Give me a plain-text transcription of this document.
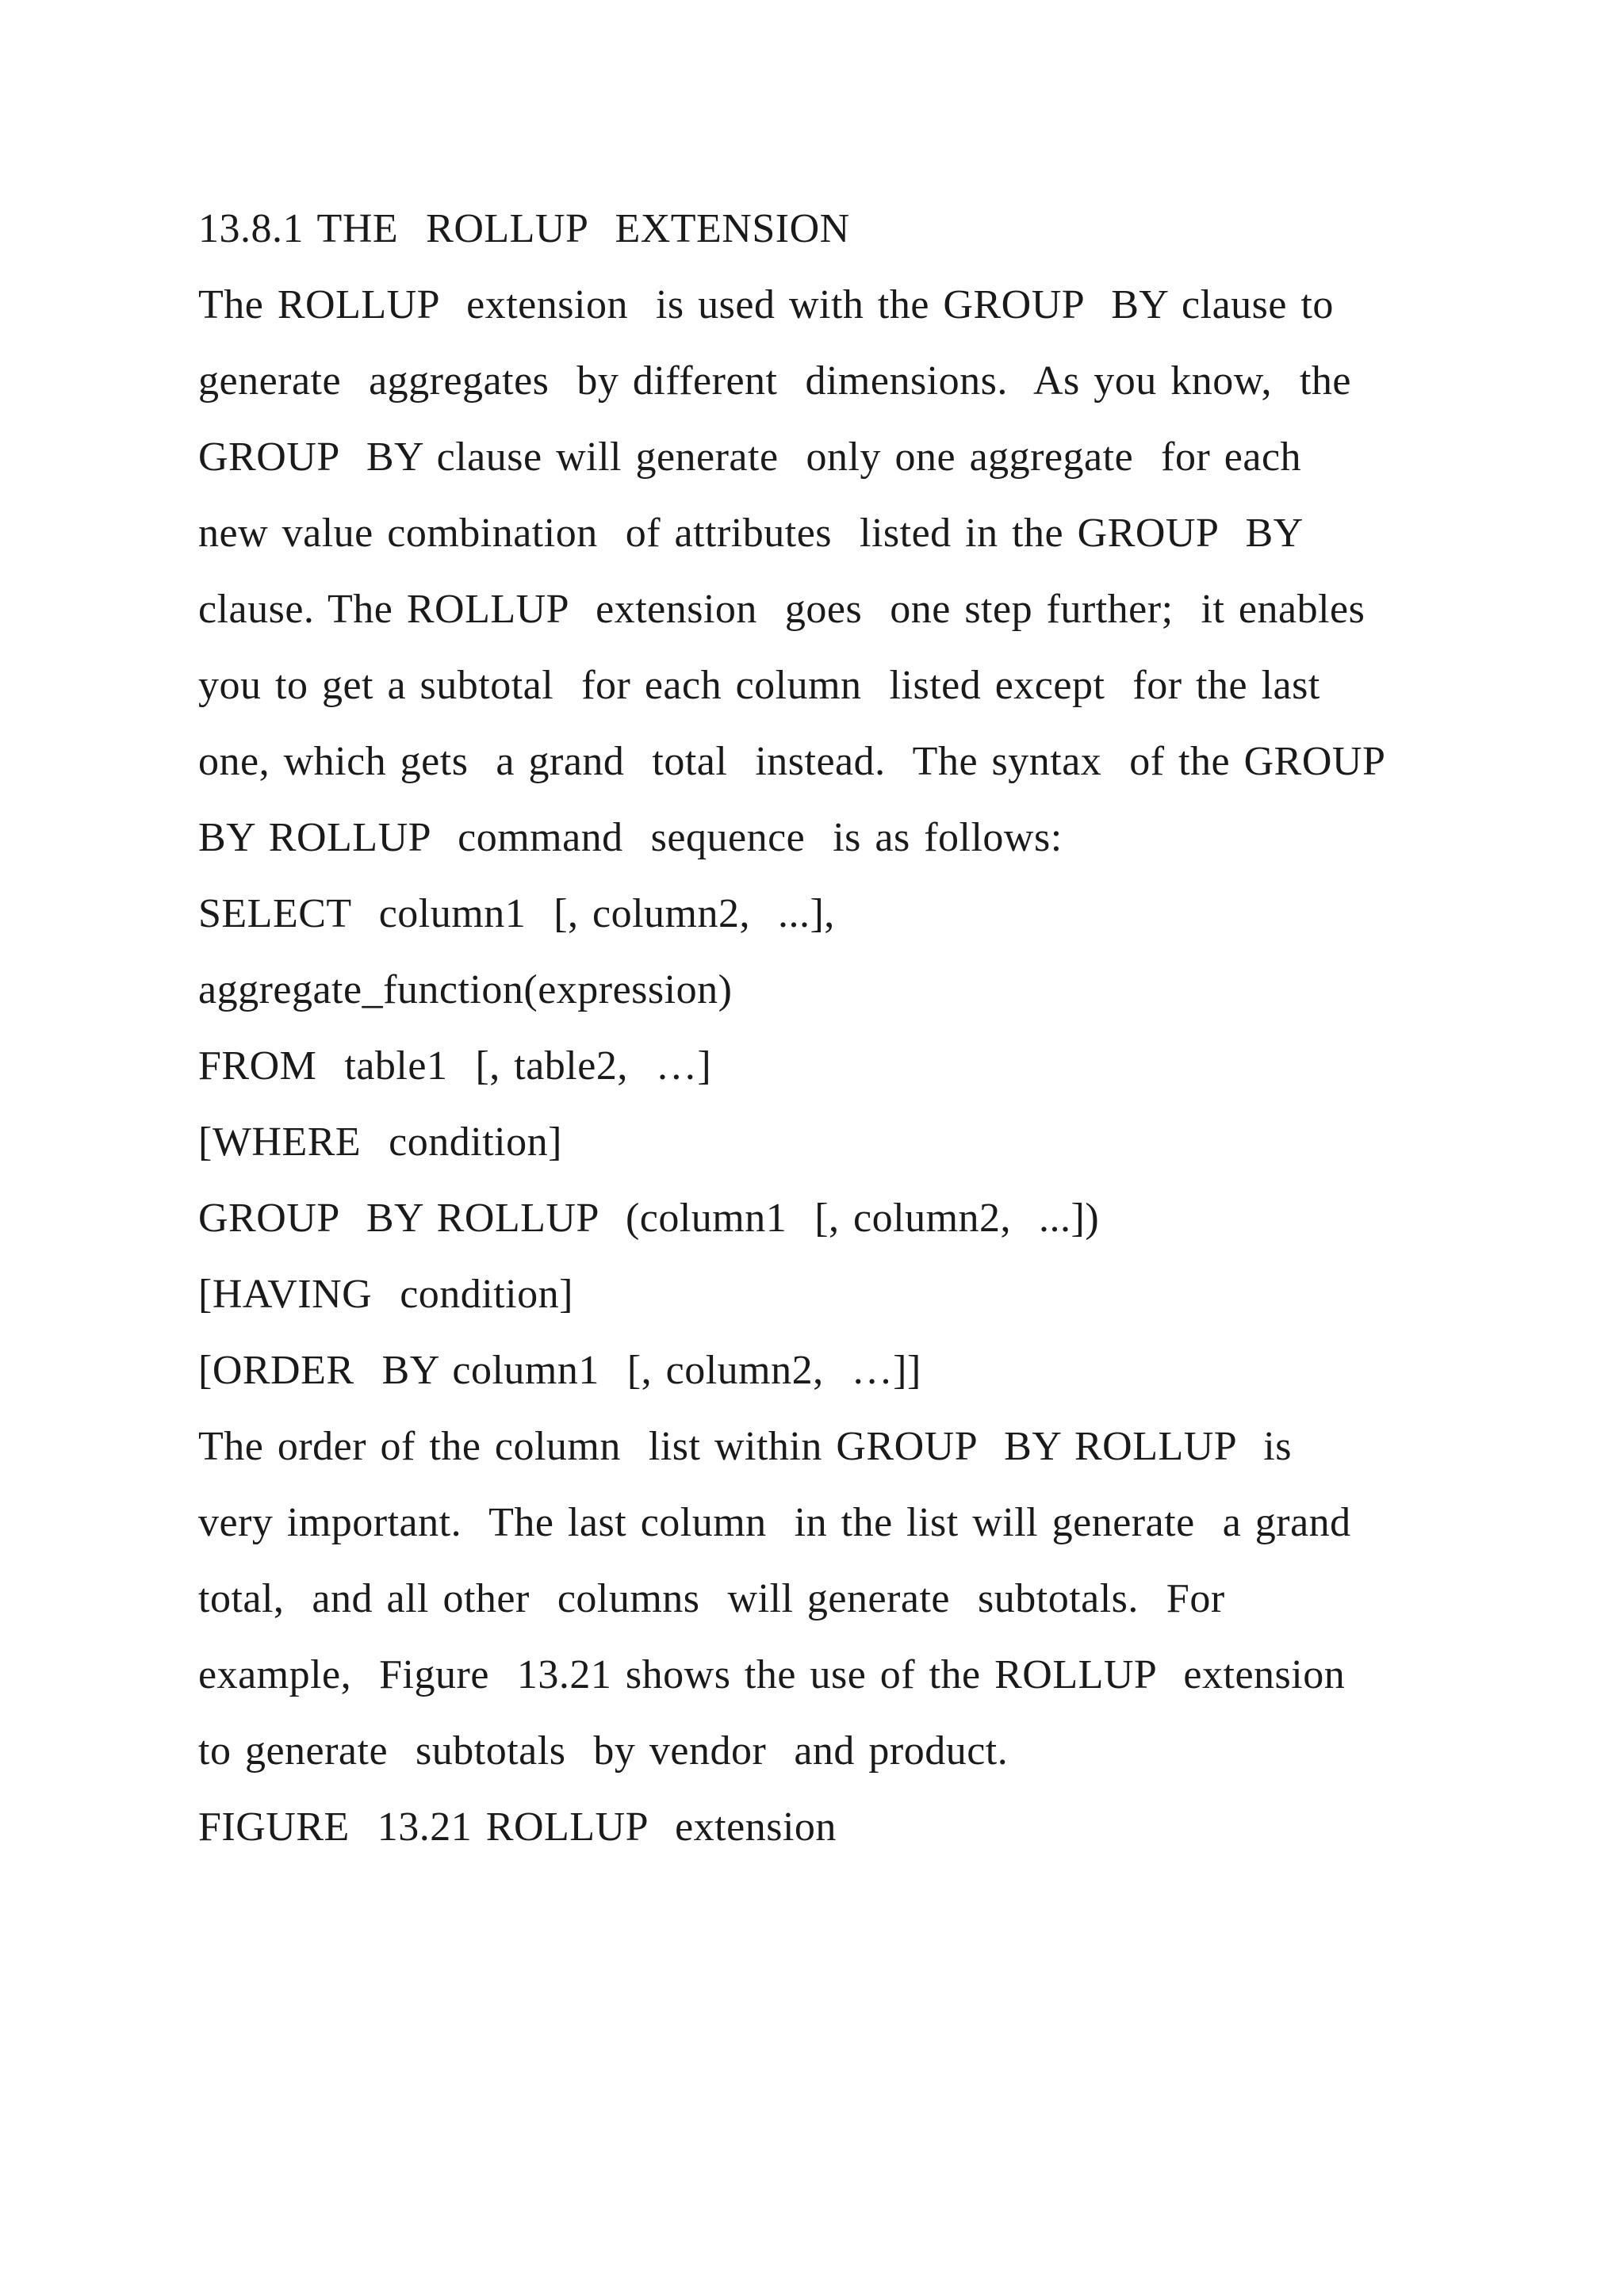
13.8.1 THE  ROLLUP  EXTENSION
The ROLLUP  extension  is used with the GROUP  BY clause to
generate  aggregates  by different  dimensions.  As you know,  the
GROUP  BY clause will generate  only one aggregate  for each
new value combination  of attributes  listed in the GROUP  BY
clause. The ROLLUP  extension  goes  one step further;  it enables
you to get a subtotal  for each column  listed except  for the last
one, which gets  a grand  total  instead.  The syntax  of the GROUP
BY ROLLUP  command  sequence  is as follows:
SELECT  column1  [, column2,  ...],
aggregate_function(expression)
FROM  table1  [, table2,  …]
[WHERE  condition]
GROUP  BY ROLLUP  (column1  [, column2,  ...])
[HAVING  condition]
[ORDER  BY column1  [, column2,  …]]
The order of the column  list within GROUP  BY ROLLUP  is
very important.  The last column  in the list will generate  a grand
total,  and all other  columns  will generate  subtotals.  For
example,  Figure  13.21 shows the use of the ROLLUP  extension
to generate  subtotals  by vendor  and product.
FIGURE  13.21 ROLLUP  extension
